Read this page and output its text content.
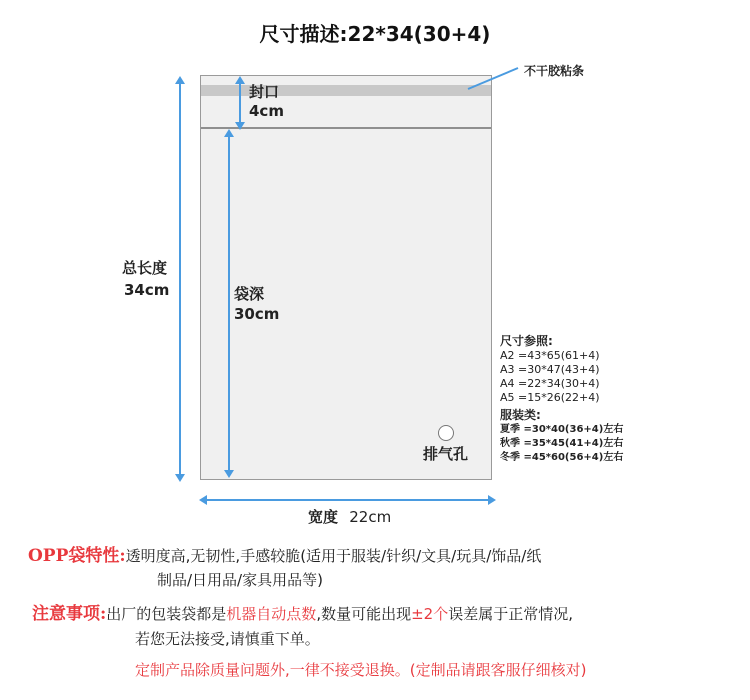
尺寸描述:22*34(30+4)
不干胶粘条
封口
4cm
总长度
34cm	袋深
30cm
宽度 22cm
排气孔
尺寸参照:
A2 =43*65(61+4)
A3 =30*47(43+4)
A4 =22*34(30+4)
A5 =15*26(22+4)
服装类:
夏季 =30*40(36+4)左右
秋季 =35*45(41+4)左右
冬季 =45*60(56+4)左右
OPP袋特性:透明度高,无韧性,手感较脆(适用于服装/针织/文具/玩具/饰品/纸
制品/日用品/家具用品等)
注意事项:出厂的包装袋都是机器自动点数,数量可能出现±2个误差属于正常情况,
若您无法接受,请慎重下单。
定制产品除质量问题外,一律不接受退换。(定制品请跟客服仔细核对)
